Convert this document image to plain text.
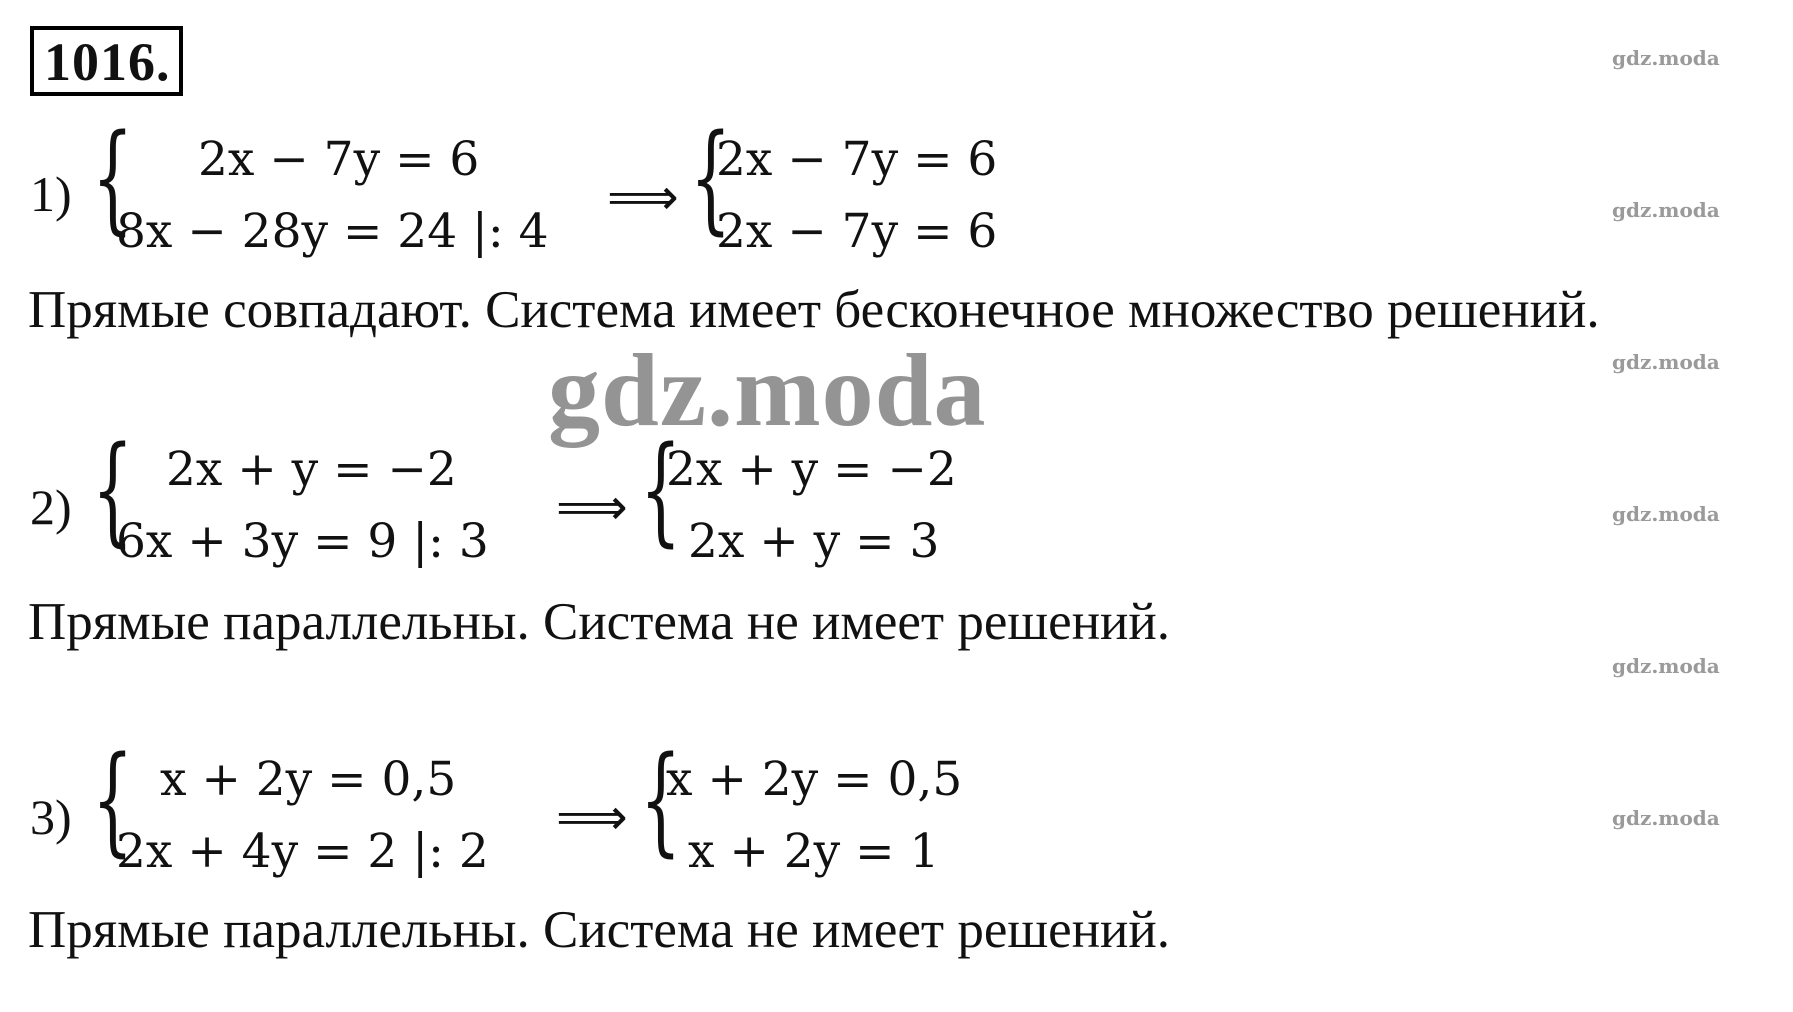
1016.	gdz.moda
gdz.moda
gdz.moda
gdz.moda
gdz.moda
gdz.moda
1) { 2x − 7y = 6
8x − 28y = 24 |: 4
⟹ {
2x − 7y = 6
2x − 7y = 6
Прямые совпадают. Система имеет бесконечное множество решений.
gdz.moda
2) { 2x + y = −2
6x + 3y = 9 |: 3
⟹ {
2x + y = −2
2x + y = 3
Прямые параллельны. Система не имеет решений.
3) { x + 2y = 0,5
2x + 4y = 2 |: 2
⟹ {
x + 2y = 0,5
x + 2y = 1
Прямые параллельны. Система не имеет решений.
